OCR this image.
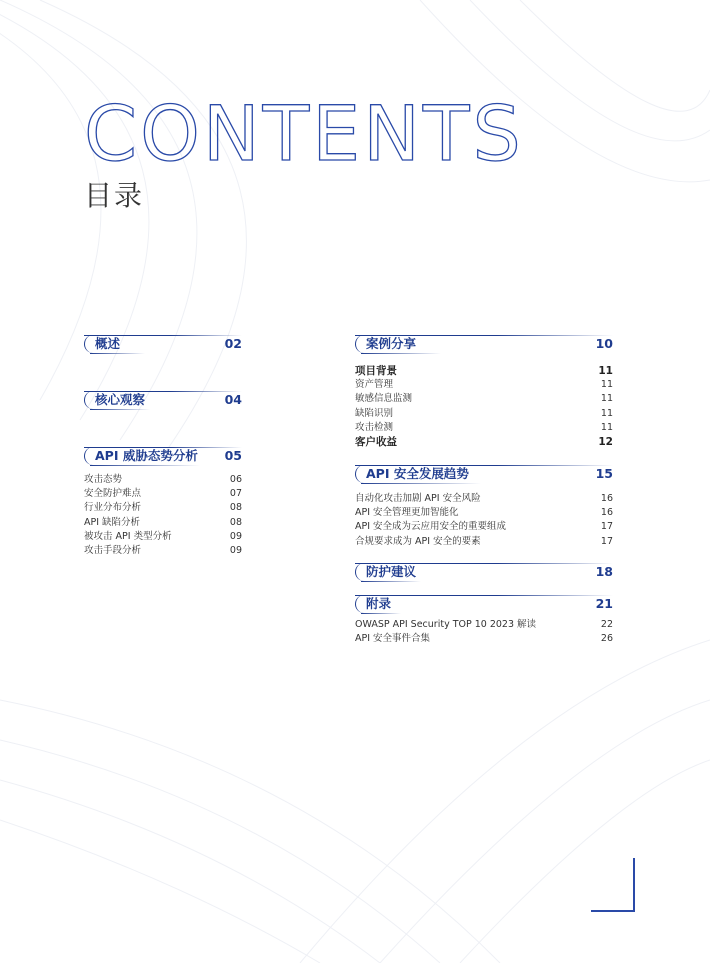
CONTENTS
目录
概述	02
核心观察	04
API 威胁态势分析	05
攻击态势	06
安全防护难点	07
行业分布分析	08
API 缺陷分析	08
被攻击 API 类型分析	09
攻击手段分析	09
案例分享	10
项目背景	11
资产管理	11
敏感信息监测	11
缺陷识别	11
攻击检测	11
客户收益	12
API 安全发展趋势	15
自动化攻击加剧 API 安全风险	16
API 安全管理更加智能化	16
API 安全成为云应用安全的重要组成	17
合规要求成为 API 安全的要素	17
防护建议	18
附录	21
OWASP API Security TOP 10 2023 解读	22
API 安全事件合集	26
